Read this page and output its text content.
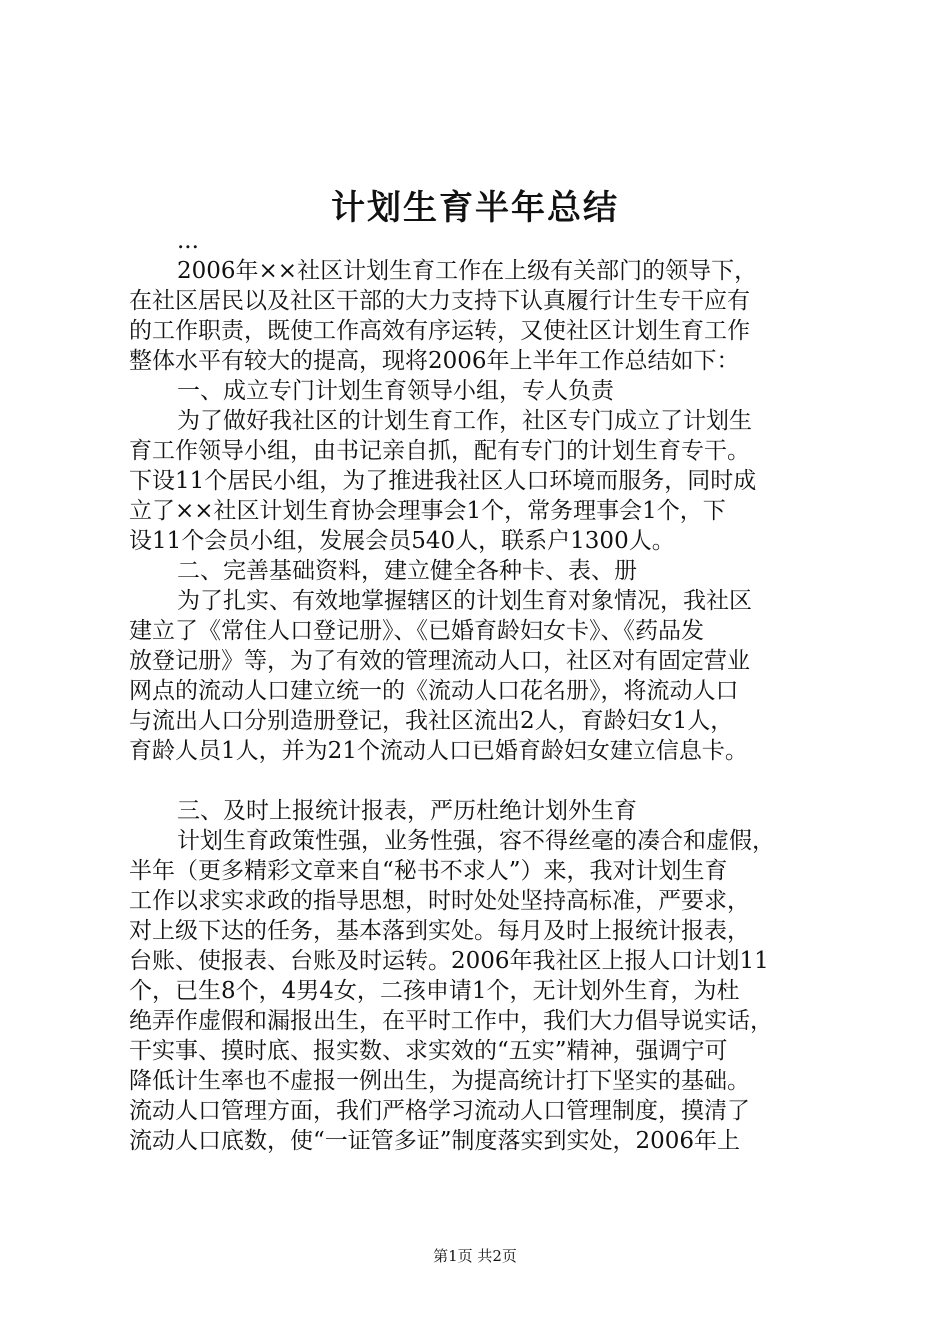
计划生育半年总结
...
2006年××社区计划生育工作在上级有关部门的领导下，
在社区居民以及社区干部的大力支持下认真履行计生专干应有
的工作职责，既使工作高效有序运转，又使社区计划生育工作
整体水平有较大的提高，现将2006年上半年工作总结如下：
一、成立专门计划生育领导小组，专人负责
为了做好我社区的计划生育工作，社区专门成立了计划生
育工作领导小组，由书记亲自抓，配有专门的计划生育专干。
下设11个居民小组，为了推进我社区人口环境而服务，同时成
立了××社区计划生育协会理事会1个，常务理事会1个，下
设11个会员小组，发展会员540人，联系户1300人。
二、完善基础资料，建立健全各种卡、表、册
为了扎实、有效地掌握辖区的计划生育对象情况，我社区
建立了《常住人口登记册》、《已婚育龄妇女卡》、《药品发
放登记册》等，为了有效的管理流动人口，社区对有固定营业
网点的流动人口建立统一的《流动人口花名册》，将流动人口
与流出人口分别造册登记，我社区流出2人，育龄妇女1人，
育龄人员1人，并为21个流动人口已婚育龄妇女建立信息卡。
三、及时上报统计报表，严历杜绝计划外生育
计划生育政策性强，业务性强，容不得丝毫的凑合和虚假，
半年（更多精彩文章来自“秘书不求人”）来，我对计划生育
工作以求实求政的指导思想，时时处处坚持高标准，严要求，
对上级下达的任务，基本落到实处。每月及时上报统计报表，
台账、使报表、台账及时运转。2006年我社区上报人口计划11
个，已生8个，4男4女，二孩申请1个，无计划外生育，为杜
绝弄作虚假和漏报出生，在平时工作中，我们大力倡导说实话，
干实事、摸时底、报实数、求实效的“五实”精神，强调宁可
降低计生率也不虚报一例出生，为提高统计打下坚实的基础。
流动人口管理方面，我们严格学习流动人口管理制度，摸清了
流动人口底数，使“一证管多证”制度落实到实处，2006年上
第1页 共2页
